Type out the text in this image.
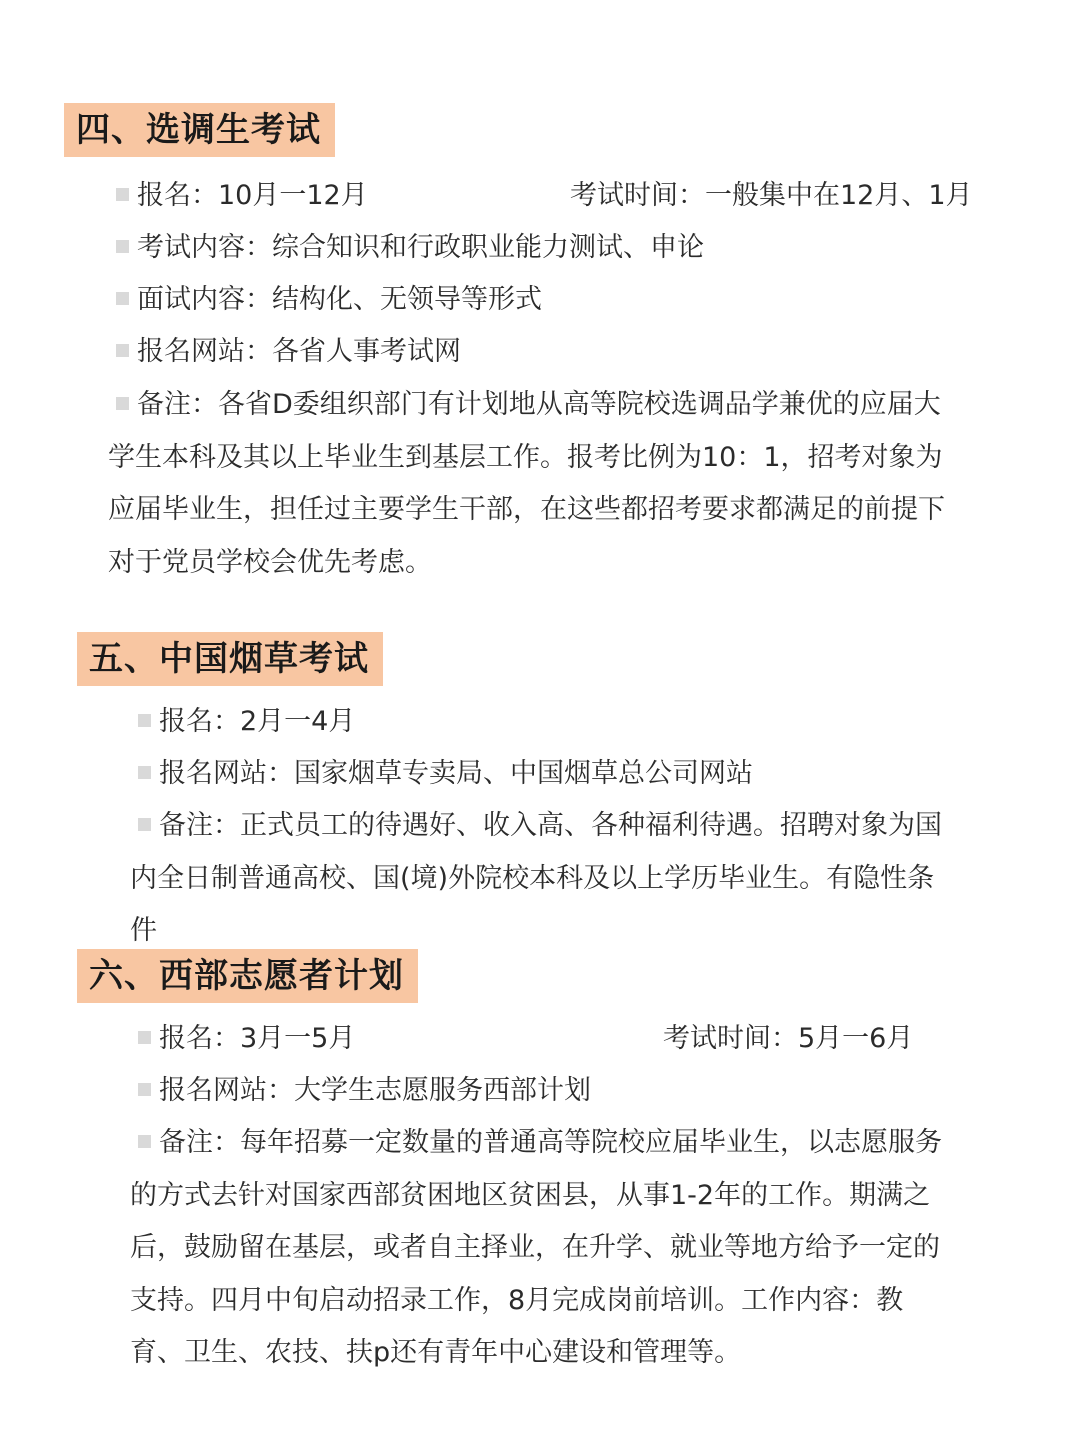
四、选调生考试
报名：10月一12月	考试时间：一般集中在12月、1月
考试内容：综合知识和行政职业能力测试、申论
面试内容：结构化、无领导等形式
报名网站：各省人事考试网
备注：各省D委组织部门有计划地从高等院校选调品学兼优的应届大
学生本科及其以上毕业生到基层工作。报考比例为10：1，招考对象为
应届毕业生，担任过主要学生干部，在这些都招考要求都满足的前提下
对于党员学校会优先考虑。
五、中国烟草考试
报名：2月一4月
报名网站：国家烟草专卖局、中国烟草总公司网站
备注：正式员工的待遇好、收入高、各种福利待遇。招聘对象为国
内全日制普通高校、国(境)外院校本科及以上学历毕业生。有隐性条
件
六、西部志愿者计划
报名：3月一5月	考试时间：5月一6月
报名网站：大学生志愿服务西部计划
备注：每年招募一定数量的普通高等院校应届毕业生，以志愿服务
的方式去针对国家西部贫困地区贫困县，从事1-2年的工作。期满之
后，鼓励留在基层，或者自主择业，在升学、就业等地方给予一定的
支持。四月中旬启动招录工作，8月完成岗前培训。工作内容：教
育、卫生、农技、扶p还有青年中心建设和管理等。
